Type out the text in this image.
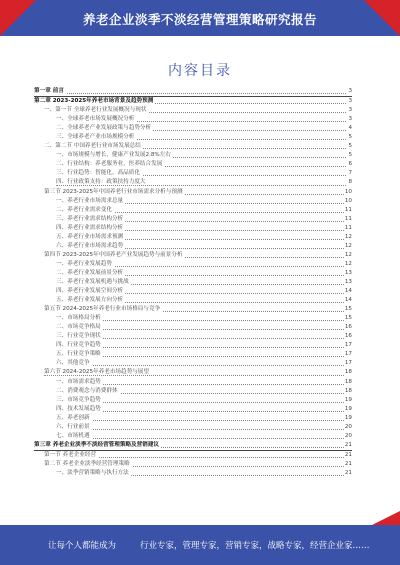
养老企业淡季不淡经营管理策略研究报告
内容目录
第一章 前言	3
第二章 2023-2025年养老市场背景及趋势预测	3
一、第一节 全球养老行业发展概况与现状	3
一、全球养老市场发展概况分析	3
二、全球养老产业发展政策与趋势分析	4
三、全球养老产业市场规模分析	5
二、第二节 中国养老行业市场发展总结	5
一、市场规模与增长，健康产业发展2.8%左右	5
二、行业结构：养老服务业，医养结合发展	6
三、行业趋势：智能化，高品质化	7
四、行业政策支持：政策扶持力度大	8
第三节 2023-2025年中国养老行业市场需求分析与预测	10
一、养老行业市场需求总量	10
二、养老行业需求变化	11
三、养老行业需求结构分析	11
四、养老行业需求结构分析	11
五、养老行业市场需求预测	12
六、养老行业市场需求趋势	12
第四节 2023-2025年中国养老产业发展趋势与前景分析	12
一、养老行业发展趋势	12
二、养老行业发展前景分析	13
三、养老行业发展机遇与挑战	13
四、养老行业发展空间分析	14
五、养老行业发展方向分析	14
第五节 2024-2025年养老行业市场格局与竞争	15
一、市场格局分析	15
二、市场竞争格局	16
三、行业竞争现状	16
四、行业竞争趋势	17
五、行业竞争策略	17
六、其他竞争	17
第六节 2024-2025年养老市场趋势与展望	18
一、市场需求趋势	18
二、消费观念与消费群体	18
三、市场竞争趋势	19
四、技术发展趋势	19
五、养老创新	19
六、行业前景	20
七、市场机遇	20
第三章 养老企业淡季不淡经营管理策略及营销建议	21
第一节 养老企业经营	21
第二节 养老企业淡季经营管理策略	21
一、淡季营销策略与执行方法	21
让每个人都能成为	行业专家，管理专家，营销专家，战略专家，经营企业家……
